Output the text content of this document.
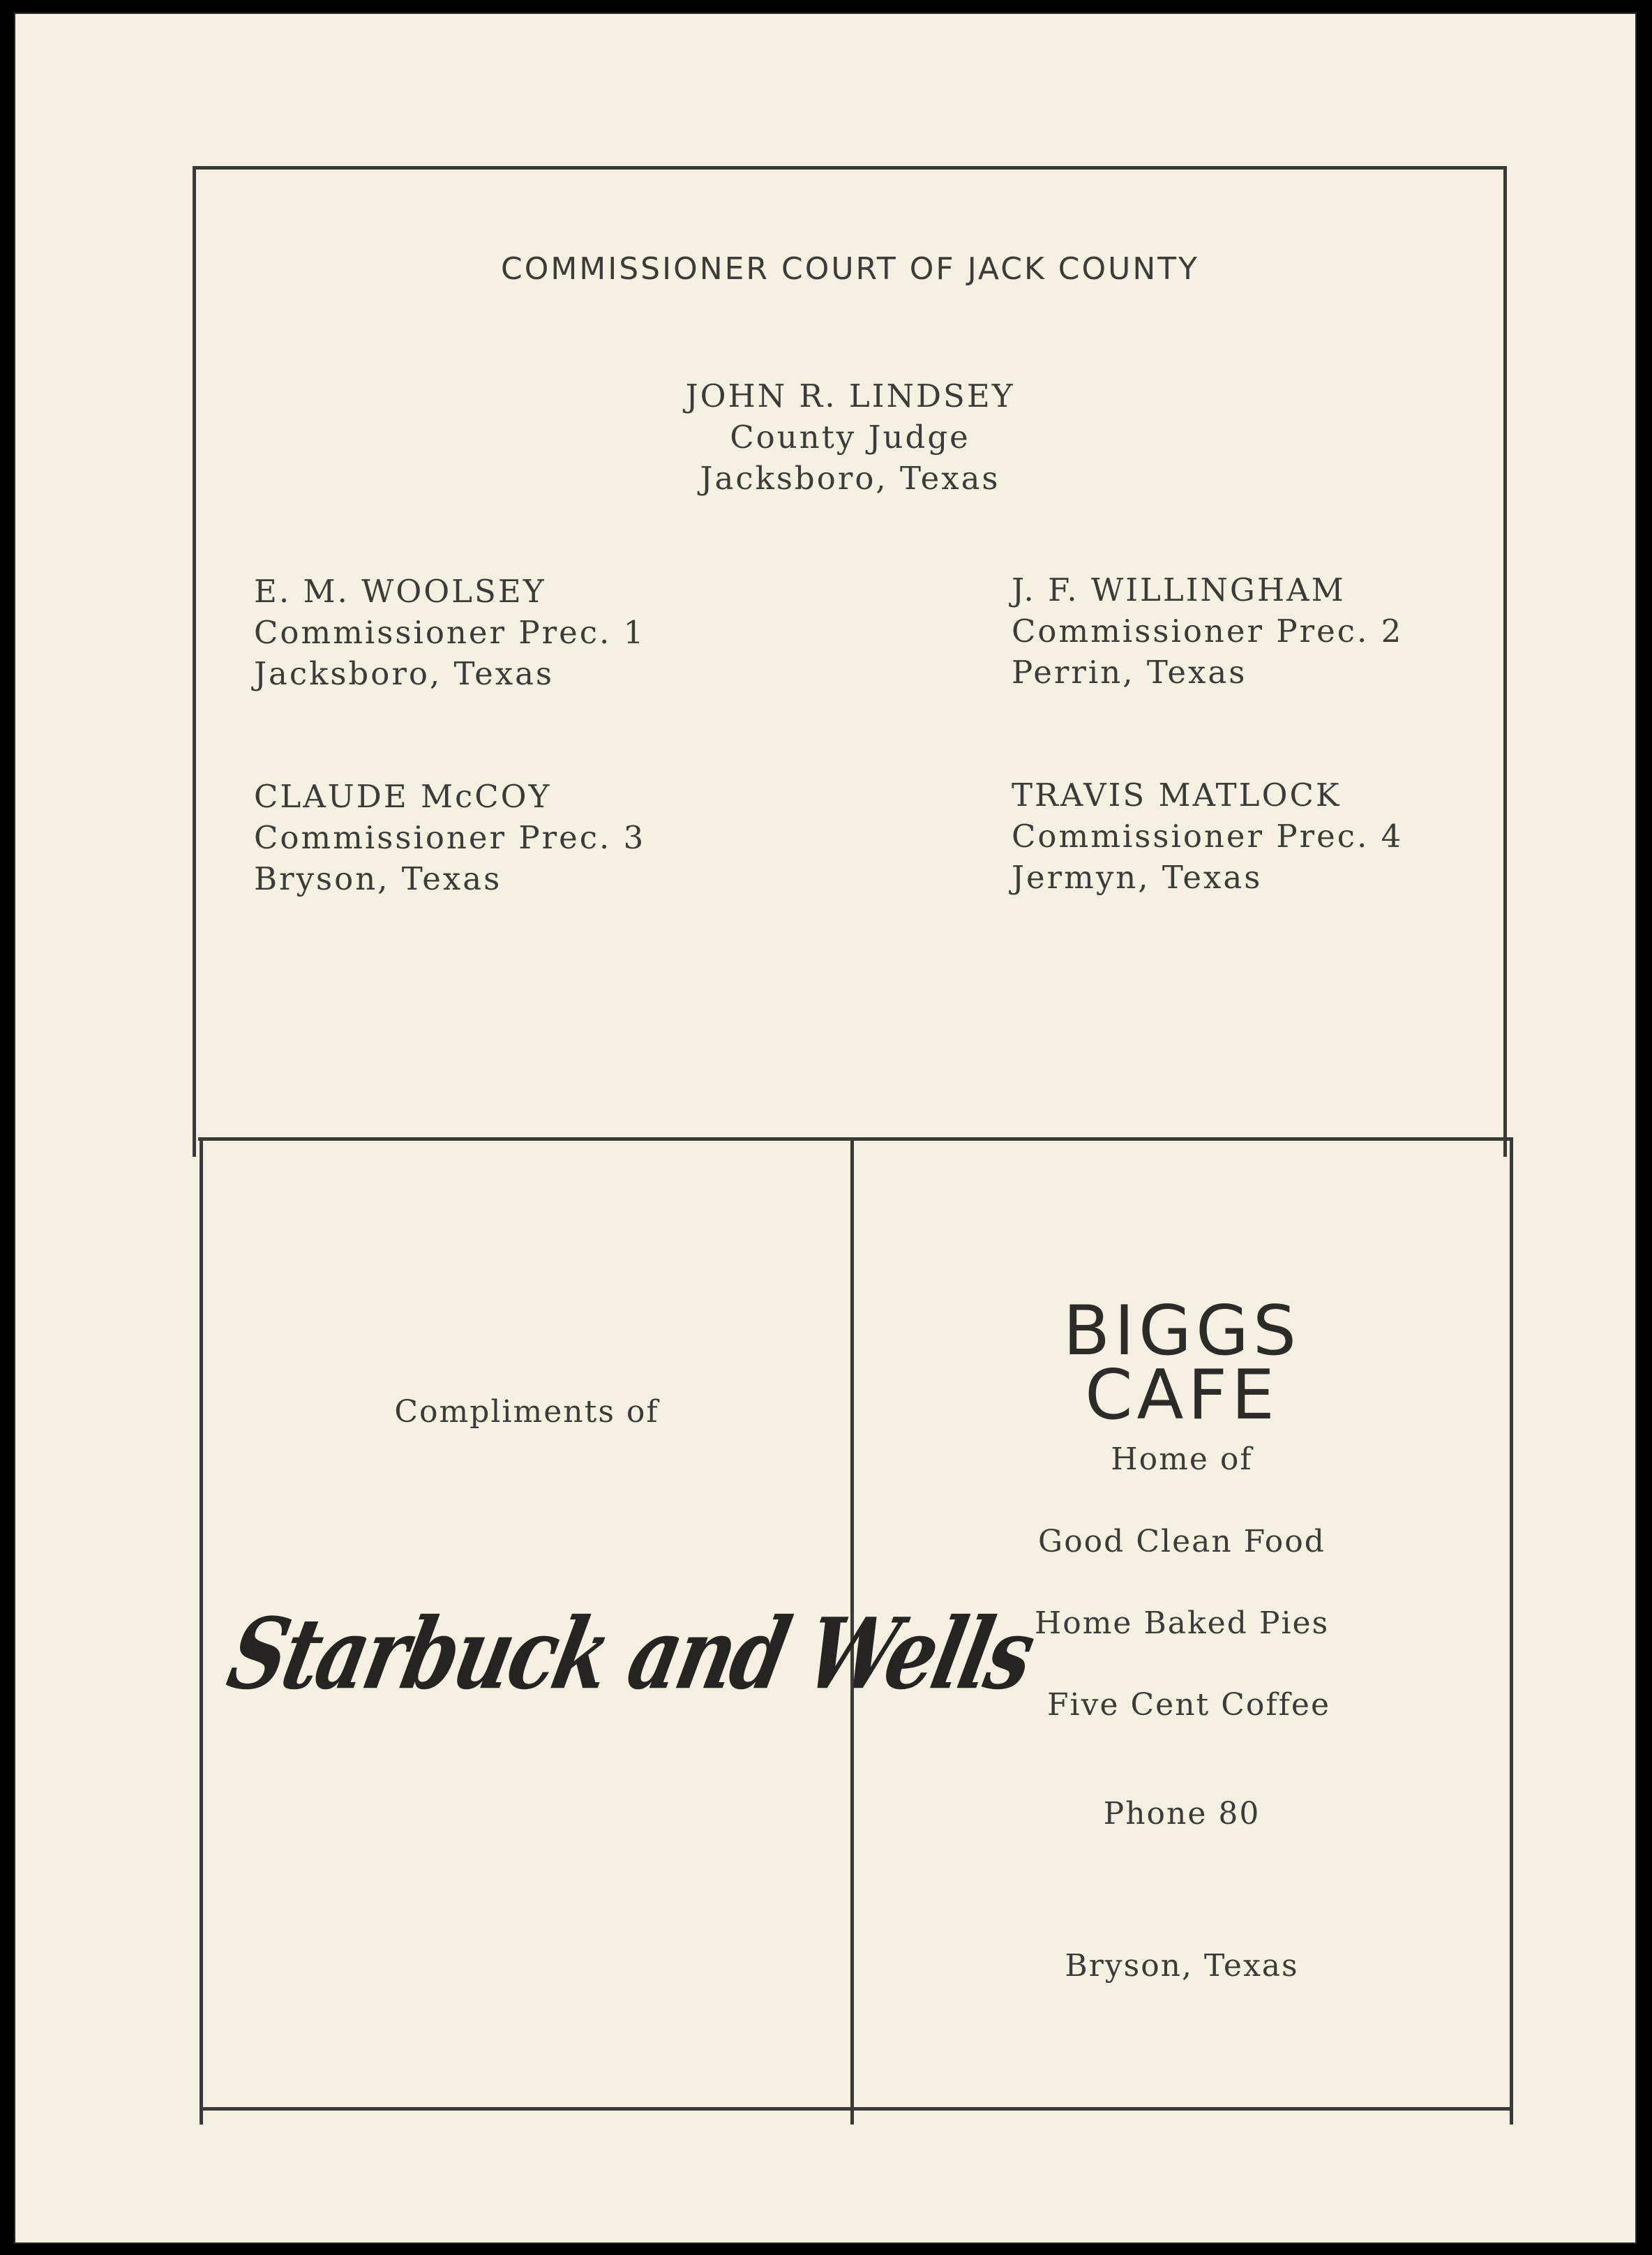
COMMISSIONER COURT OF JACK COUNTY
JOHN R. LINDSEY
County Judge
Jacksboro, Texas
E. M. WOOLSEY
Commissioner Prec. 1
Jacksboro, Texas
J. F. WILLINGHAM
Commissioner Prec. 2
Perrin, Texas
CLAUDE McCOY
Commissioner Prec. 3
Bryson, Texas
TRAVIS MATLOCK
Commissioner Prec. 4
Jermyn, Texas
Compliments of
Starbuck and Wells
BIGGS
CAFE
Home of
Good Clean Food
Home Baked Pies
Five Cent Coffee
Phone 80
Bryson, Texas
